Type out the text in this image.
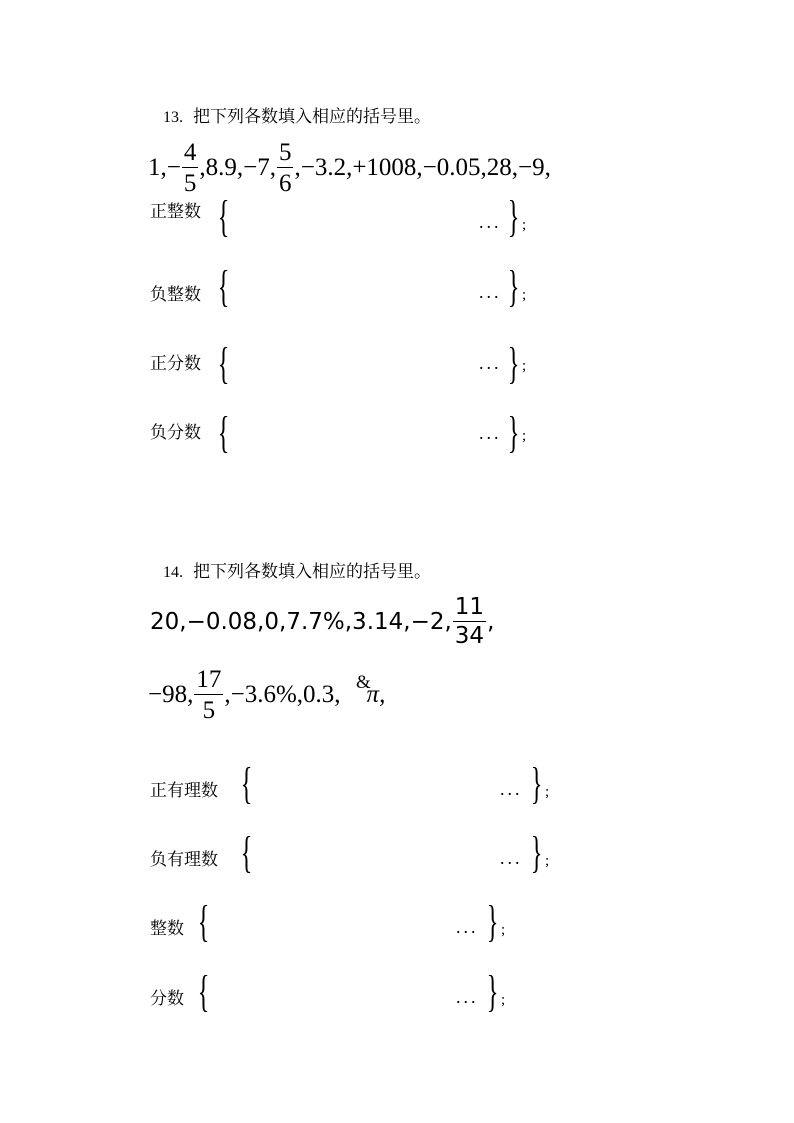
13. 把下列各数填入相应的括号里。
1, − $\frac{4}{5} ,8.9,-7$, $\frac{5}{6} ,-3.2,+1008,-0.05,28,-9$,
正整数 {	... } ;
负整数 {	... } ;
正分数 {	... } ;
负分数 {	... } ;
14. 把下列各数填入相应的括号里。
20,−0.08,0,7.7%,3.14,−2, $\frac{11}{34}$ ,
−98, $\frac{17}{5} ,-3.6\%,0.3$, π,
&
正有理数 {	... } ;
负有理数 {	... } ;
整数 {	... } ;
分数 {	... } ;
